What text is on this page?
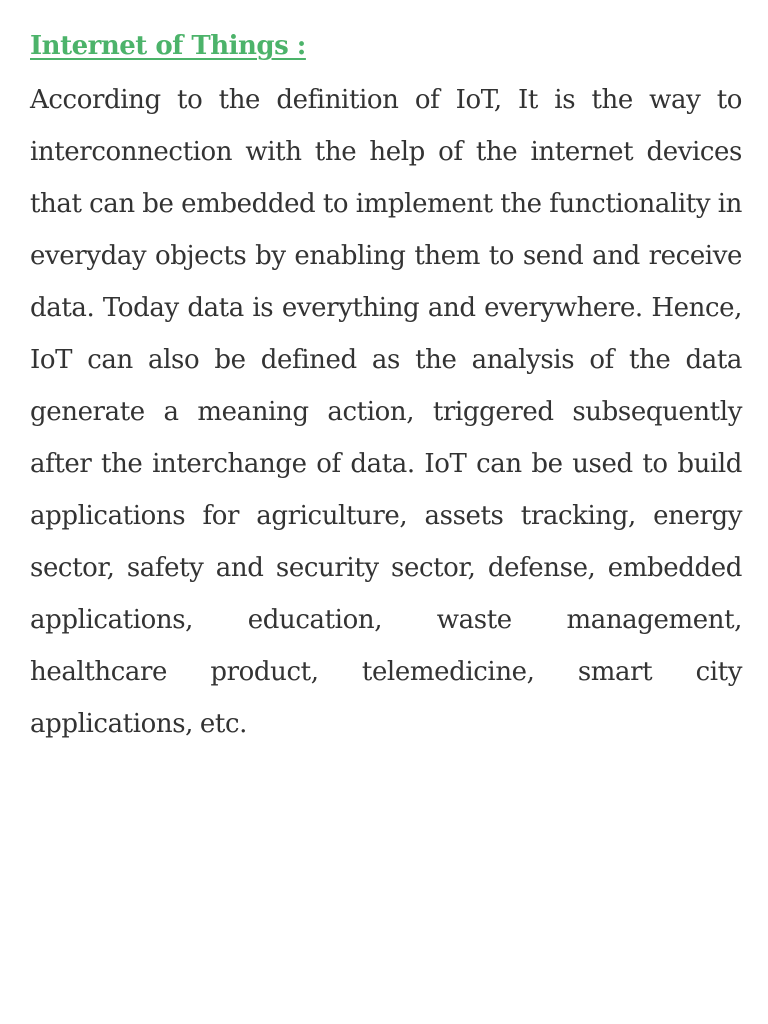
Internet of Things :

According to the definition of IoT, It is the way to interconnection with the help of the internet devices that can be embedded to implement the functionality in everyday objects by enabling them to send and receive data. Today data is everything and everywhere. Hence, IoT can also be defined as the analysis of the data generate a meaning action, triggered subsequently after the interchange of data. IoT can be used to build applications for agriculture, assets tracking, energy sector, safety and security sector, defense, embedded applications, education, waste management, healthcare product, telemedicine, smart city applications, etc.
